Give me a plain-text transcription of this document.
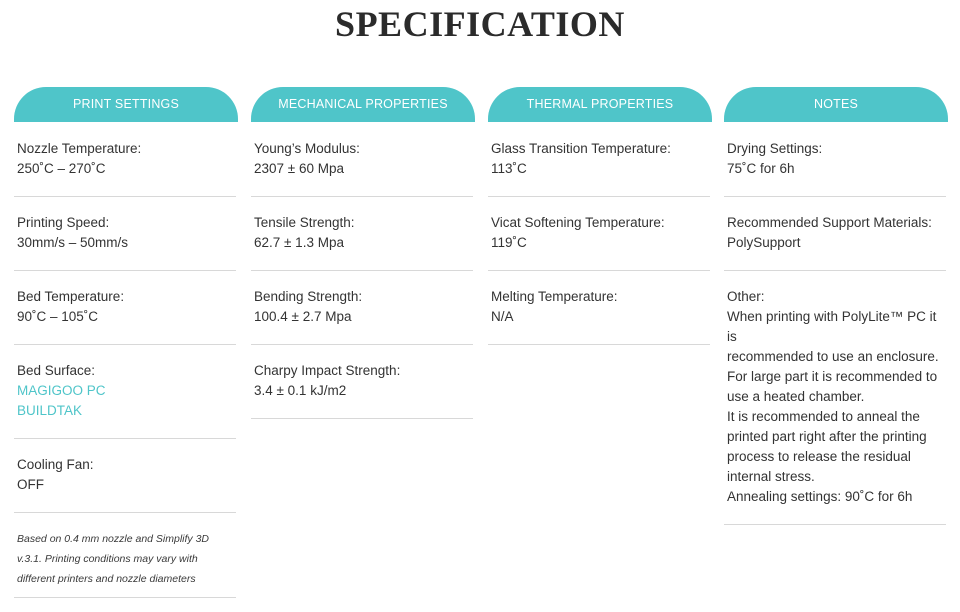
SPECIFICATION
PRINT SETTINGS
Nozzle Temperature:
250˚C – 270˚C
Printing Speed:
30mm/s – 50mm/s
Bed Temperature:
90˚C – 105˚C
Bed Surface:
MAGIGOO PC
BUILDTAK
Cooling Fan:
OFF
Based on 0.4 mm nozzle and Simplify 3D v.3.1. Printing conditions may vary with different printers and nozzle diameters
MECHANICAL PROPERTIES
Young’s Modulus:
2307 ± 60 Mpa
Tensile Strength:
62.7 ± 1.3 Mpa
Bending Strength:
100.4 ± 2.7 Mpa
Charpy Impact Strength:
3.4 ± 0.1 kJ/m2
THERMAL PROPERTIES
Glass Transition Temperature:
113˚C
Vicat Softening Temperature:
119˚C
Melting Temperature:
N/A
NOTES
Drying Settings:
75˚C for 6h
Recommended Support Materials:
PolySupport
Other:
When printing with PolyLite™ PC it is
recommended to use an enclosure.
For large part it is recommended to
use a heated chamber.
It is recommended to anneal the
printed part right after the printing
process to release the residual
internal stress.
Annealing settings: 90˚C for 6h
